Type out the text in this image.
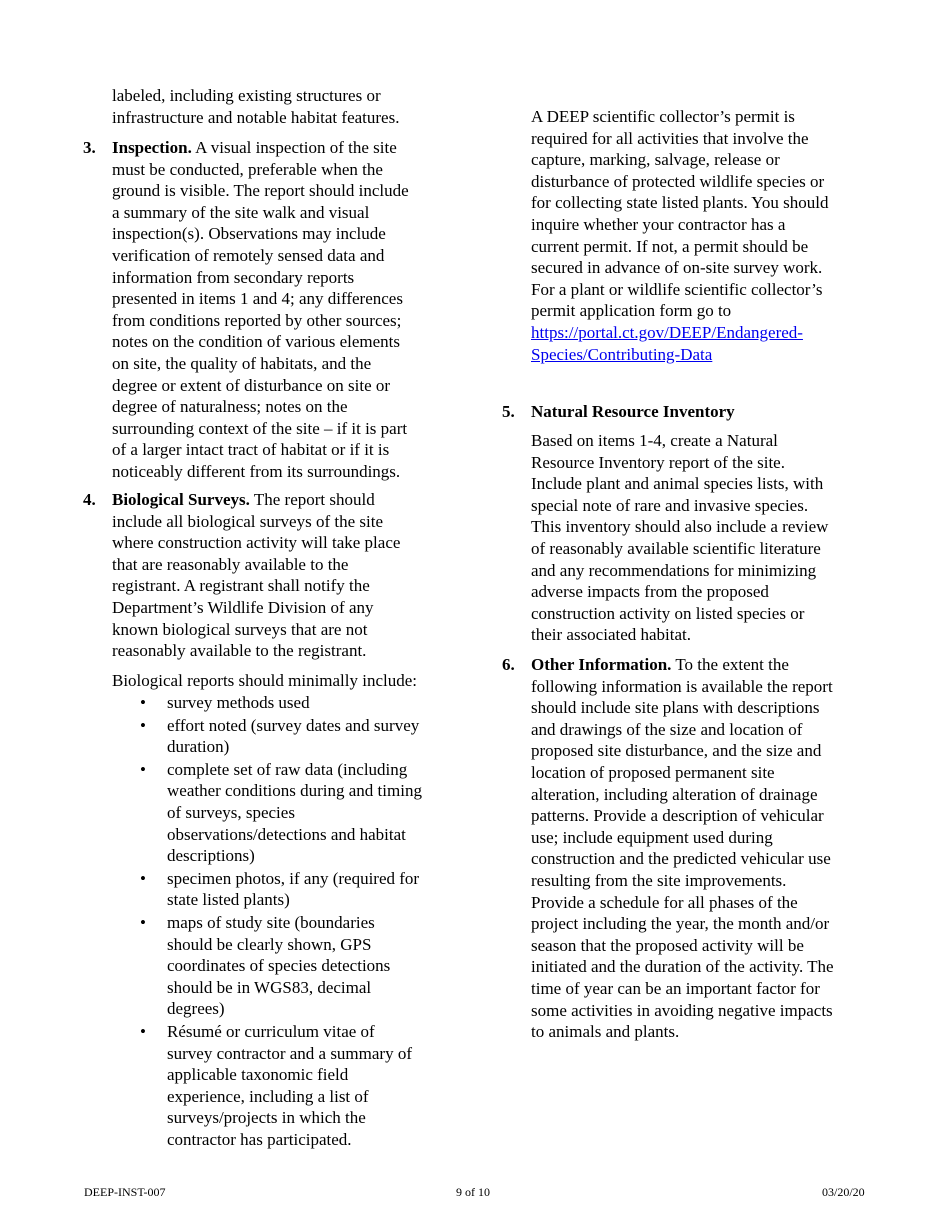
labeled, including existing structures or
infrastructure and notable habitat features.
3. Inspection. A visual inspection of the site
must be conducted, preferable when the
ground is visible. The report should include
a summary of the site walk and visual
inspection(s). Observations may include
verification of remotely sensed data and
information from secondary reports
presented in items 1 and 4; any differences
from conditions reported by other sources;
notes on the condition of various elements
on site, the quality of habitats, and the
degree or extent of disturbance on site or
degree of naturalness; notes on the
surrounding context of the site – if it is part
of a larger intact tract of habitat or if it is
noticeably different from its surroundings.
4. Biological Surveys. The report should
include all biological surveys of the site
where construction activity will take place
that are reasonably available to the
registrant. A registrant shall notify the
Department’s Wildlife Division of any
known biological surveys that are not
reasonably available to the registrant.
Biological reports should minimally include:
• survey methods used
• effort noted (survey dates and survey
duration)
• complete set of raw data (including
weather conditions during and timing
of surveys, species
observations/detections and habitat
descriptions)
• specimen photos, if any (required for
state listed plants)
• maps of study site (boundaries
should be clearly shown, GPS
coordinates of species detections
should be in WGS83, decimal
degrees)
• Résumé or curriculum vitae of
survey contractor and a summary of
applicable taxonomic field
experience, including a list of
surveys/projects in which the
contractor has participated.
A DEEP scientific collector’s permit is
required for all activities that involve the
capture, marking, salvage, release or
disturbance of protected wildlife species or
for collecting state listed plants. You should
inquire whether your contractor has a
current permit. If not, a permit should be
secured in advance of on-site survey work.
For a plant or wildlife scientific collector’s
permit application form go to
https://portal.ct.gov/DEEP/Endangered-
Species/Contributing-Data
5. Natural Resource Inventory
Based on items 1-4, create a Natural
Resource Inventory report of the site.
Include plant and animal species lists, with
special note of rare and invasive species.
This inventory should also include a review
of reasonably available scientific literature
and any recommendations for minimizing
adverse impacts from the proposed
construction activity on listed species or
their associated habitat.
6. Other Information. To the extent the
following information is available the report
should include site plans with descriptions
and drawings of the size and location of
proposed site disturbance, and the size and
location of proposed permanent site
alteration, including alteration of drainage
patterns. Provide a description of vehicular
use; include equipment used during
construction and the predicted vehicular use
resulting from the site improvements.
Provide a schedule for all phases of the
project including the year, the month and/or
season that the proposed activity will be
initiated and the duration of the activity. The
time of year can be an important factor for
some activities in avoiding negative impacts
to animals and plants.
DEEP-INST-007	9 of 10	03/20/20
